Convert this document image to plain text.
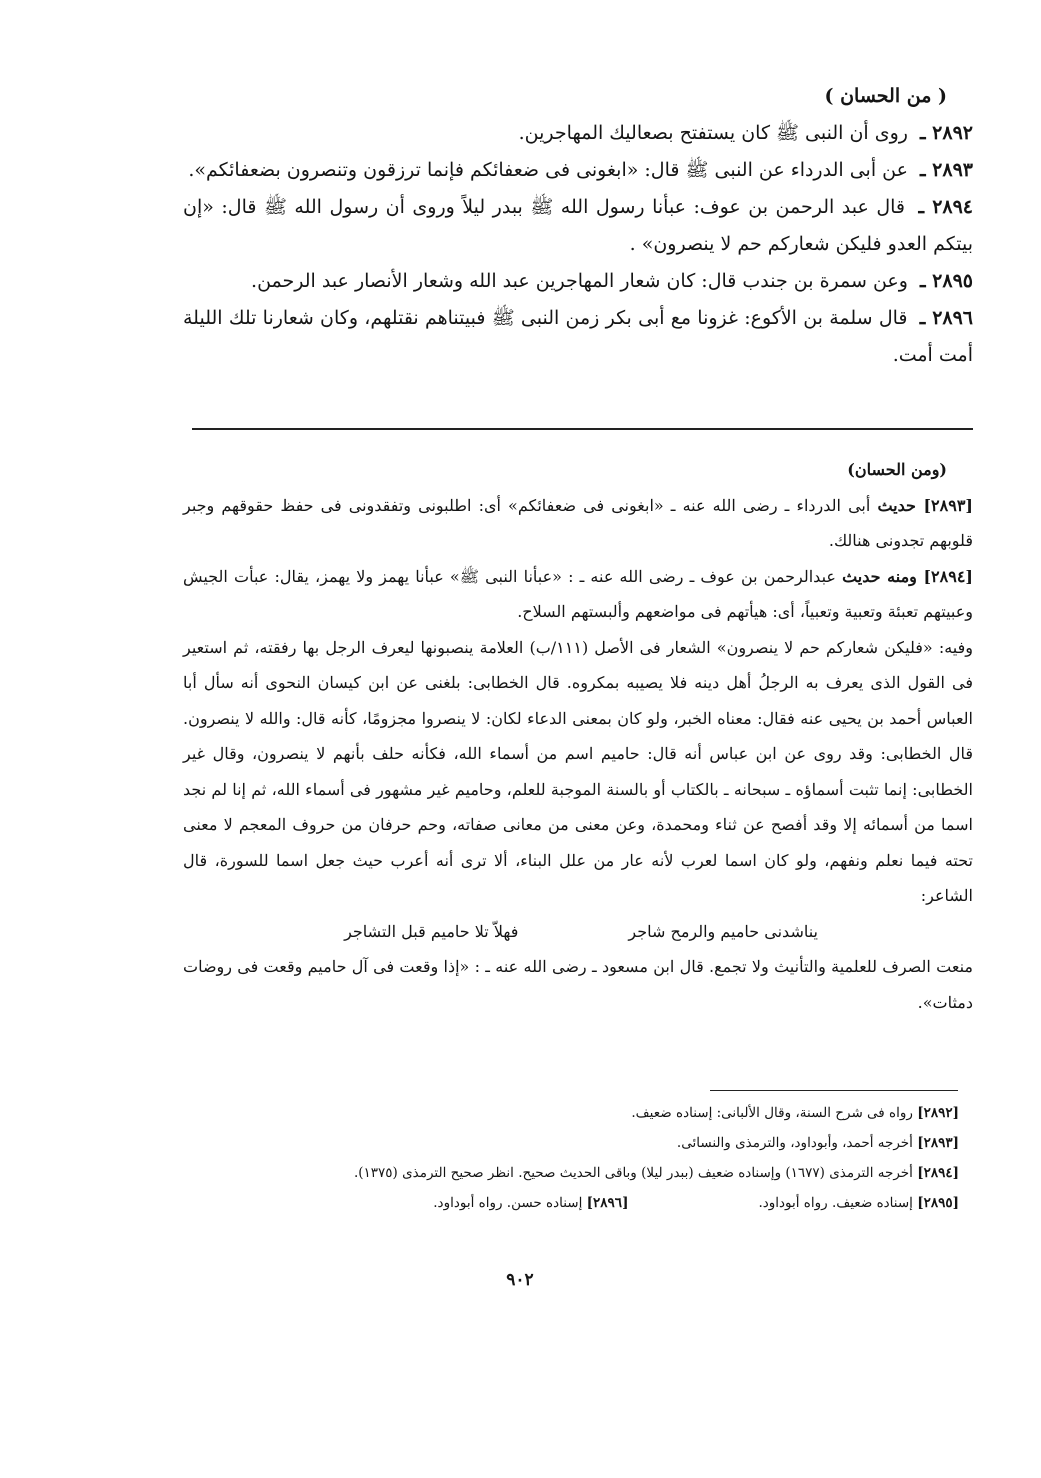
( من الحسان )
٢٨٩٢ ـ روى أن النبى ﷺ كان يستفتح بصعاليك المهاجرين.
٢٨٩٣ ـ عن أبى الدرداء عن النبى ﷺ قال: «ابغونى فى ضعفائكم فإنما ترزقون وتنصرون بضعفائكم».
٢٨٩٤ ـ قال عبد الرحمن بن عوف: عبأنا رسول الله ﷺ ببدر ليلاً وروى أن رسول الله ﷺ قال: «إن بيتكم العدو فليكن شعاركم حم لا ينصرون» .
٢٨٩٥ ـ وعن سمرة بن جندب قال: كان شعار المهاجرين عبد الله وشعار الأنصار عبد الرحمن.
٢٨٩٦ ـ قال سلمة بن الأكوع: غزونا مع أبى بكر زمن النبى ﷺ فبيتناهم نقتلهم، وكان شعارنا تلك الليلة أمت أمت.
(ومن الحسان)

[٢٨٩٣] حديث أبى الدرداء ـ رضى الله عنه ـ «ابغونى فى ضعفائكم» أى: اطلبونى وتفقدونى فى حفظ حقوقهم وجبر قلوبهم تجدونى هنالك.

[٢٨٩٤] ومنه حديث عبدالرحمن بن عوف ـ رضى الله عنه ـ : «عبأنا النبى ﷺ» عبأنا يهمز ولا يهمز، يقال: عبأت الجيش وعبيتهم تعبئة وتعبية وتعبياً، أى: هيأتهم فى مواضعهم وألبستهم السلاح.

وفيه: «فليكن شعاركم حم لا ينصرون» الشعار فى الأصل (١١١/ب) العلامة ينصبونها ليعرف الرجل بها رفقته، ثم استعير فى القول الذى يعرف به الرجلُ أهل دينه فلا يصيبه بمكروه. قال الخطابى: بلغنى عن ابن كيسان النحوى أنه سأل أبا العباس أحمد بن يحيى عنه فقال: معناه الخبر، ولو كان بمعنى الدعاء لكان: لا ينصروا مجزومًا، كأنه قال: والله لا ينصرون. قال الخطابى: وقد روى عن ابن عباس أنه قال: حاميم اسم من أسماء الله، فكأنه حلف بأنهم لا ينصرون، وقال غير الخطابى: إنما تثبت أسماؤه ـ سبحانه ـ بالكتاب أو بالسنة الموجبة للعلم، وحاميم غير مشهور فى أسماء الله، ثم إنا لم نجد اسما من أسمائه إلا وقد أفصح عن ثناء ومحمدة، وعن معنى من معانى صفاته، وحم حرفان من حروف المعجم لا معنى تحته فيما نعلم ونفهم، ولو كان اسما لعرب لأنه عار من علل البناء، ألا ترى أنه أعرب حيث جعل اسما للسورة، قال الشاعر:

يناشدنى حاميم والرمح شاجر
فهلاّ تلا حاميم قبل التشاجر

منعت الصرف للعلمية والتأنيث ولا تجمع. قال ابن مسعود ـ رضى الله عنه ـ : «إذا وقعت فى آل حاميم وقعت فى روضات دمثات».

[٢٨٩٢] رواه فى شرح السنة، وقال الألبانى: إسناده ضعيف.

[٢٨٩٣] أخرجه أحمد، وأبوداود، والترمذى والنسائى.

[٢٨٩٤] أخرجه الترمذى (١٦٧٧) وإسناده ضعيف (ببدر ليلا) وباقى الحديث صحيح. انظر صحيح الترمذى (١٣٧٥).

[٢٨٩٥] إسناده ضعيف. رواه أبوداود.
[٢٨٩٦] إسناده حسن. رواه أبوداود.
٩٠٢
